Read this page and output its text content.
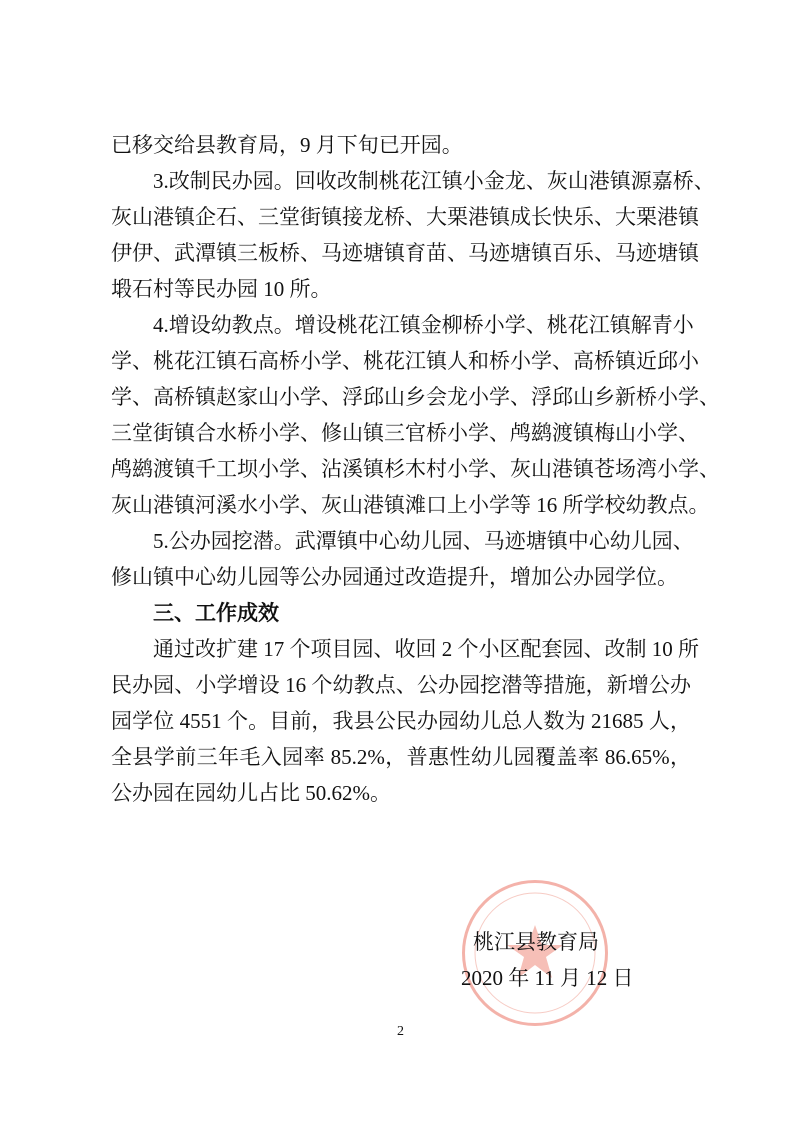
已移交给县教育局，9 月下旬已开园。
3.改制民办园。回收改制桃花江镇小金龙、灰山港镇源嘉桥、
灰山港镇企石、三堂街镇接龙桥、大栗港镇成长快乐、大栗港镇
伊伊、武潭镇三板桥、马迹塘镇育苗、马迹塘镇百乐、马迹塘镇
塅石村等民办园 10 所。
4.增设幼教点。增设桃花江镇金柳桥小学、桃花江镇解青小
学、桃花江镇石高桥小学、桃花江镇人和桥小学、高桥镇近邱小
学、高桥镇赵家山小学、浮邱山乡会龙小学、浮邱山乡新桥小学、
三堂街镇合水桥小学、修山镇三官桥小学、鸬鹚渡镇梅山小学、
鸬鹚渡镇千工坝小学、沾溪镇杉木村小学、灰山港镇苍场湾小学、
灰山港镇河溪水小学、灰山港镇滩口上小学等 16 所学校幼教点。
5.公办园挖潜。武潭镇中心幼儿园、马迹塘镇中心幼儿园、
修山镇中心幼儿园等公办园通过改造提升，增加公办园学位。
三、工作成效
通过改扩建 17 个项目园、收回 2 个小区配套园、改制 10 所
民办园、小学增设 16 个幼教点、公办园挖潜等措施，新增公办
园学位 4551 个。目前，我县公民办园幼儿总人数为 21685 人，
全县学前三年毛入园率 85.2%，普惠性幼儿园覆盖率 86.65%，
公办园在园幼儿占比 50.62%。
桃江县教育局
2020 年 11 月 12 日
2
